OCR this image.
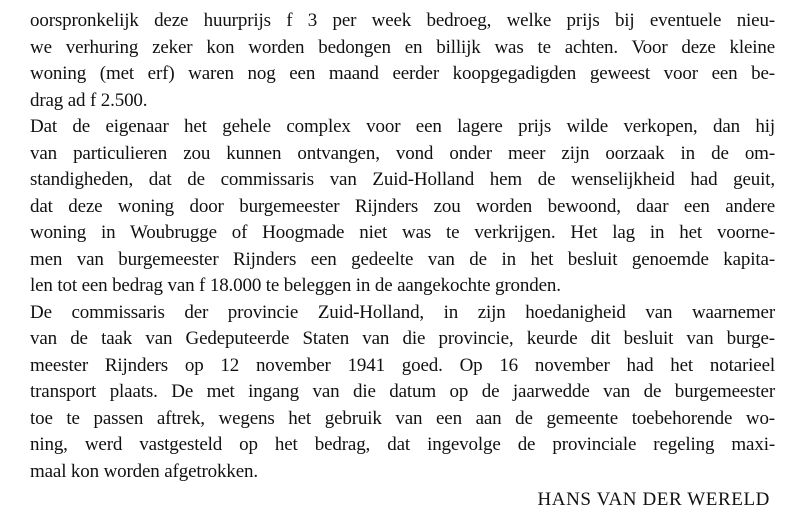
oorspronkelijk deze huurprijs f 3 per week bedroeg, welke prijs bij eventuele nieu-
we verhuring zeker kon worden bedongen en billijk was te achten. Voor deze kleine
woning (met erf) waren nog een maand eerder koopgegadigden geweest voor een be-
drag ad f 2.500.
Dat de eigenaar het gehele complex voor een lagere prijs wilde verkopen, dan hij
van particulieren zou kunnen ontvangen, vond onder meer zijn oorzaak in de om-
standigheden, dat de commissaris van Zuid-Holland hem de wenselijkheid had geuit,
dat deze woning door burgemeester Rijnders zou worden bewoond, daar een andere
woning in Woubrugge of Hoogmade niet was te verkrijgen. Het lag in het voorne-
men van burgemeester Rijnders een gedeelte van de in het besluit genoemde kapita-
len tot een bedrag van f 18.000 te beleggen in de aangekochte gronden.
De commissaris der provincie Zuid-Holland, in zijn hoedanigheid van waarnemer
van de taak van Gedeputeerde Staten van die provincie, keurde dit besluit van burge-
meester Rijnders op 12 november 1941 goed. Op 16 november had het notarieel
transport plaats. De met ingang van die datum op de jaarwedde van de burgemeester
toe te passen aftrek, wegens het gebruik van een aan de gemeente toebehorende wo-
ning, werd vastgesteld op het bedrag, dat ingevolge de provinciale regeling maxi-
maal kon worden afgetrokken.
HANS VAN DER WERELD
